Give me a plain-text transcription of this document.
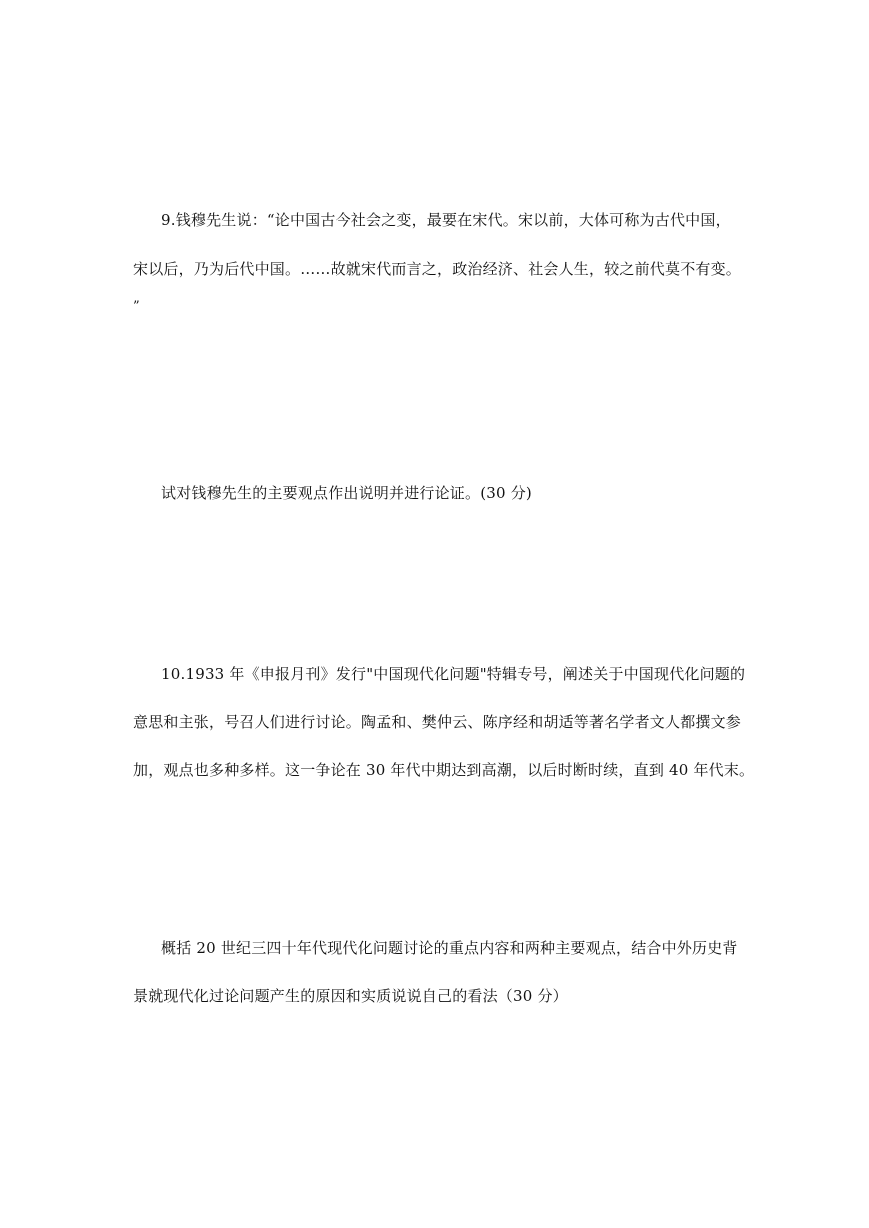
9.钱穆先生说：“论中国古今社会之变，最要在宋代。宋以前，大体可称为古代中国，
宋以后，乃为后代中国。……故就宋代而言之，政治经济、社会人生，较之前代莫不有变。
”
试对钱穆先生的主要观点作出说明并进行论证。(30 分)
10.1933 年《申报月刊》发行"中国现代化问题"特辑专号，阐述关于中国现代化问题的
意思和主张，号召人们进行讨论。陶孟和、樊仲云、陈序经和胡适等著名学者文人都撰文参
加，观点也多种多样。这一争论在 30 年代中期达到高潮，以后时断时续，直到 40 年代末。
概括 20 世纪三四十年代现代化问题讨论的重点内容和两种主要观点，结合中外历史背
景就现代化过论问题产生的原因和实质说说自己的看法（30 分）
